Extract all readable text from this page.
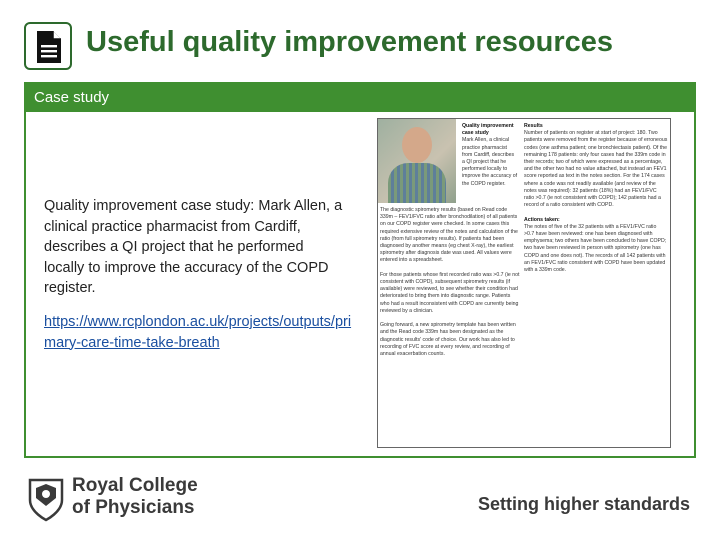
Useful quality improvement resources
Case study
Quality improvement case study: Mark Allen, a clinical practice pharmacist from Cardiff, describes a QI project that he performed locally to improve the accuracy of the COPD register.
https://www.rcplondon.ac.uk/projects/outputs/primary-care-time-take-breath
Quality improvement case study
Mark Allen, a clinical practice pharmacist from Cardiff, describes a QI project that he performed locally to improve the accuracy of the COPD register.
The diagnostic spirometry results (based on Read code 339m – FEV1/FVC ratio after bronchodilation) of all patients on our COPD register were checked. In some cases this required extensive review of the notes and calculation of the ratio (from full spirometry results). If patients had been diagnosed by another means (eg chest X-ray), the earliest spirometry after diagnosis date was used. All values were entered into a spreadsheet.

For those patients whose first recorded ratio was >0.7 (ie not consistent with COPD), subsequent spirometry results (if available) were reviewed, to see whether their condition had deteriorated to bring them into diagnostic range. Patients who had a result inconsistent with COPD are currently being reviewed by a clinician.

Going forward, a new spirometry template has been written and the Read code 339m has been designated as the diagnostic results' code of choice. Our work has also led to recording of FVC score at every review, and recording of annual exacerbation counts.
Results
Number of patients on register at start of project: 180. Two patients were removed from the register because of erroneous codes (one asthma patient; one bronchiectasis patient). Of the remaining 178 patients: only four cases had the 339m code in their records; two of which were expressed as a percentage, and the other two had no value attached, but instead an FEV1 score reported as text in the notes section. For the 174 cases where a code was not readily available (and review of the notes was required): 32 patients (18%) had an FEV1/FVC ratio >0.7 (ie not consistent with COPD); 142 patients had a record of a ratio consistent with COPD.

Actions taken:
The notes of five of the 32 patients with a FEV1/FVC ratio >0.7 have been reviewed: one has been diagnosed with emphysema; two others have been concluded to have COPD; two have been reviewed in person with spirometry (one has COPD and one does not). The records of all 142 patients with an FEV1/FVC ratio consistent with COPD have been updated with a 339m code.
Royal College
of Physicians	Setting higher standards
